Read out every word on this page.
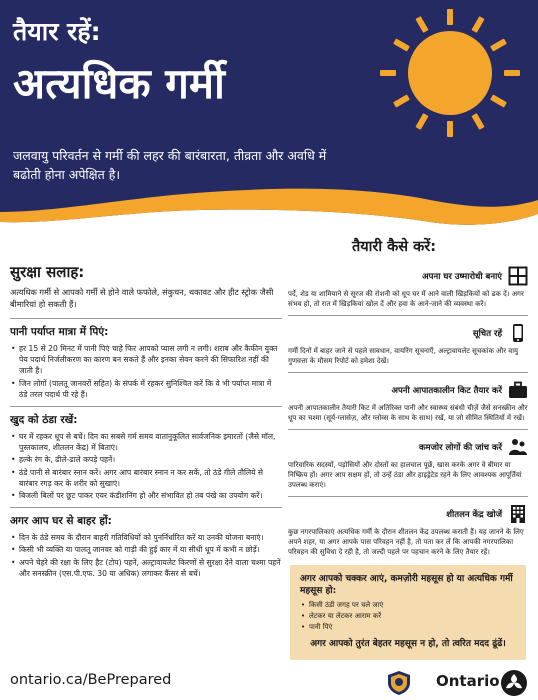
तैयार रहें:
अत्यधिक गर्मी
जलवायु परिवर्तन से गर्मी की लहर की बारंबारता, तीव्रता और अवधि में बढोती होना अपेक्षित है।
सुरक्षा सलाह:
अत्यधिक गर्मी से आपको गर्मी से होने वाले फफोले, संकुचन, थकावट और हीट स्ट्रोक जैसी बीमारियां हो सकती हैं।
पानी पर्याप्त मात्रा में पिएं:
• हर 15 से 20 मिनट में पानी पिएं चाहे फिर आपको प्यास लगी न लगी। शराब और कैफीन युक्त पेय पदार्थ निर्जलीकरण का कारण बन सकते हैं और इनका सेवन करने की सिफारिश नहीं की जाती है।
• जिन लोगों (पालतू जानवरों सहित) के संपर्क में रहकर सुनिश्चित करें कि वे भी पर्याप्त मात्रा में ठंडे तरल पदार्थ पी रहे हैं।
खुद को ठंडा रखें:
• घर में रहकर धूप से बचें। दिन का सबसे गर्म समय वातानुकूलित सार्वजनिक इमारतों (जैसे मॉल, पुस्तकालय, शीतलन केंद्र) में बिताएं।
• हल्के रंग के, ढीले-ढाले कपड़े पहनें।
• ठंडे पानी से बारंबार स्नान करें। अगर आप बारंबार स्नान न कर सकें, तो ठंडे गीले तौलिये से बारंबार रगड़ कर के शरीर को सुखाएं।
• बिजली बिलों पर छूट पाकर एयर कंडीशनिंग हो और संभावित हो तब पंखे का उपयोग करें।
अगर आप घर से बाहर हों:
• दिन के ठंडे समय के दौरान बाहरी गतिविधियों को पुनर्निर्धारित करें या उनकी योजना बनाएं।
• किसी भी व्यक्ति या पालतू जानवर को गाड़ी की हुई कार में या सीधी धूप में कभी न छोड़ें।
• अपने चेहरे की रक्षा के लिए हैट (टोप) पहनें, अल्ट्रावायलेट किरणों से सुरक्षा देने वाला चश्मा पहनें और सनस्क्रीन (एस.पी.एफ. 30 या अधिक) लगाकर कैंसर से बचें।
तैयारी कैसे करें:
अपना घर उष्मारोधी बनाएं
पर्दे, शेड या शामियाने से सूरज की रोशनी को धूप घर में आने वाली खिड़कियों को ढक दें। अगर संभव हो, तो रात में खिड़कियां खोल दें और हवा के आने-जाने की व्यवस्था करें।
सूचित रहें
गर्मी दिनों में बाहर जाने से पहले सावधान, वायरिंग सूचनाएँ, अल्ट्रावायलेट सूचकांक और वायु गुणवत्ता के मौसम रिपोर्ट को हमेशा देखें।
अपनी आपातकालीन किट तैयार करें
अपनी आपातकालीन तैयारी किट में अतिरिक्त पानी और स्वास्थ्य संबंधी चीज़ें जैसे सनस्क्रीन और धूप का चश्मा (सूर्य-ग्लासेज़, और ग्लोव्स के साथ के साथ) रखें, या जो सीमित स्थितियों में रखें।
कमजोर लोगों की जांच करें
पारिवारिक सदस्यों, पड़ोसियों और दोस्तों का हालचाल पूछें, खास करके अगर वे बीमार या निष्क्रिय हों। अगर आप सक्षम हों, तो उन्हें ठंडा और हाइड्रेटेड रहने के लिए आवश्यक आपूर्तियां उपलब्ध कराएं।
शीतलन केंद्र खोजें
कुछ नगरपालिकाएं अत्यधिक गर्मी के दौरान शीतलन केंद्र उपलब्ध कराती हैं। यह जानने के लिए अपने शहर, या अगर आपके पास परिवहन नहीं है, तो पता कर लें कि आपकी नगरपालिका परिवहन की सुविधा दे रही है, तो जल्दी पहले पर पहचान करने के लिए तैयार रहें।
अगर आपको चक्कर आएं, कमज़ोरी महसूस हो या अत्यधिक गर्मी महसूस हो:
• किसी ठंडी जगह पर चले जाएं
• लेटकर या लेटकर आराम करें
• पानी पिएं
अगर आपको तुरंत बेहतर महसूस न हो, तो त्वरित मदद ढूंढें।
ontario.ca/BePrepared	Ontario
